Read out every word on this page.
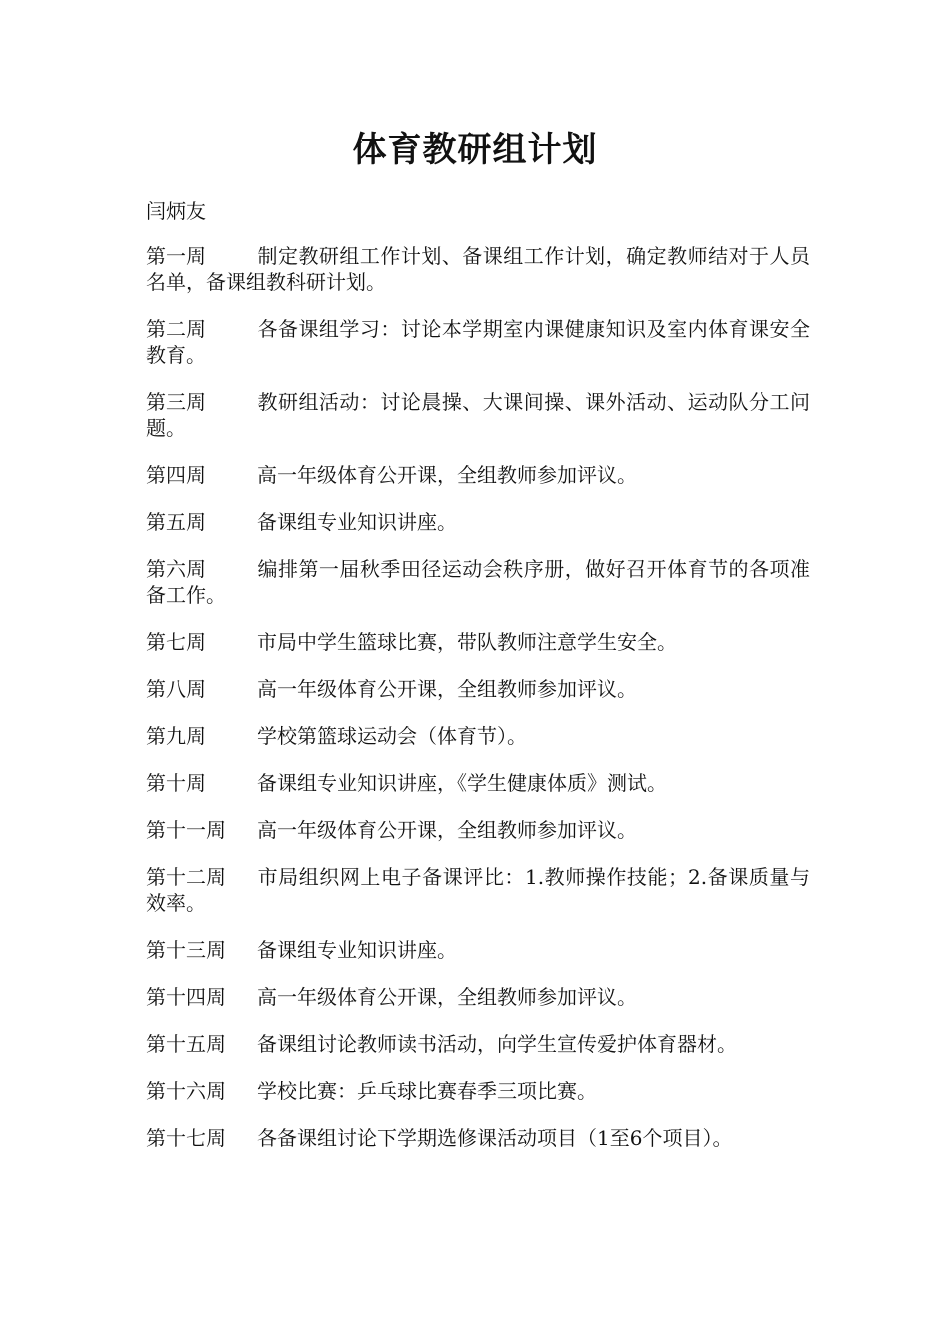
体育教研组计划
闫炳友

第一周	制定教研组工作计划、备课组工作计划，确定教师结对于人员名单，备课组教科研计划。

第二周	各备课组学习：讨论本学期室内课健康知识及室内体育课安全教育。

第三周	教研组活动：讨论晨操、大课间操、课外活动、运动队分工问题。

第四周	高一年级体育公开课，全组教师参加评议。

第五周	备课组专业知识讲座。

第六周	编排第一届秋季田径运动会秩序册，做好召开体育节的各项准备工作。

第七周	市局中学生篮球比赛，带队教师注意学生安全。

第八周	高一年级体育公开课，全组教师参加评议。

第九周	学校第篮球运动会（体育节）。

第十周	备课组专业知识讲座，《学生健康体质》测试。

第十一周 高一年级体育公开课，全组教师参加评议。

第十二周 市局组织网上电子备课评比：1.教师操作技能；2.备课质量与效率。

第十三周 备课组专业知识讲座。

第十四周 高一年级体育公开课，全组教师参加评议。

第十五周 备课组讨论教师读书活动，向学生宣传爱护体育器材。

第十六周 学校比赛：乒乓球比赛春季三项比赛。

第十七周 各备课组讨论下学期选修课活动项目（1至6个项目）。
